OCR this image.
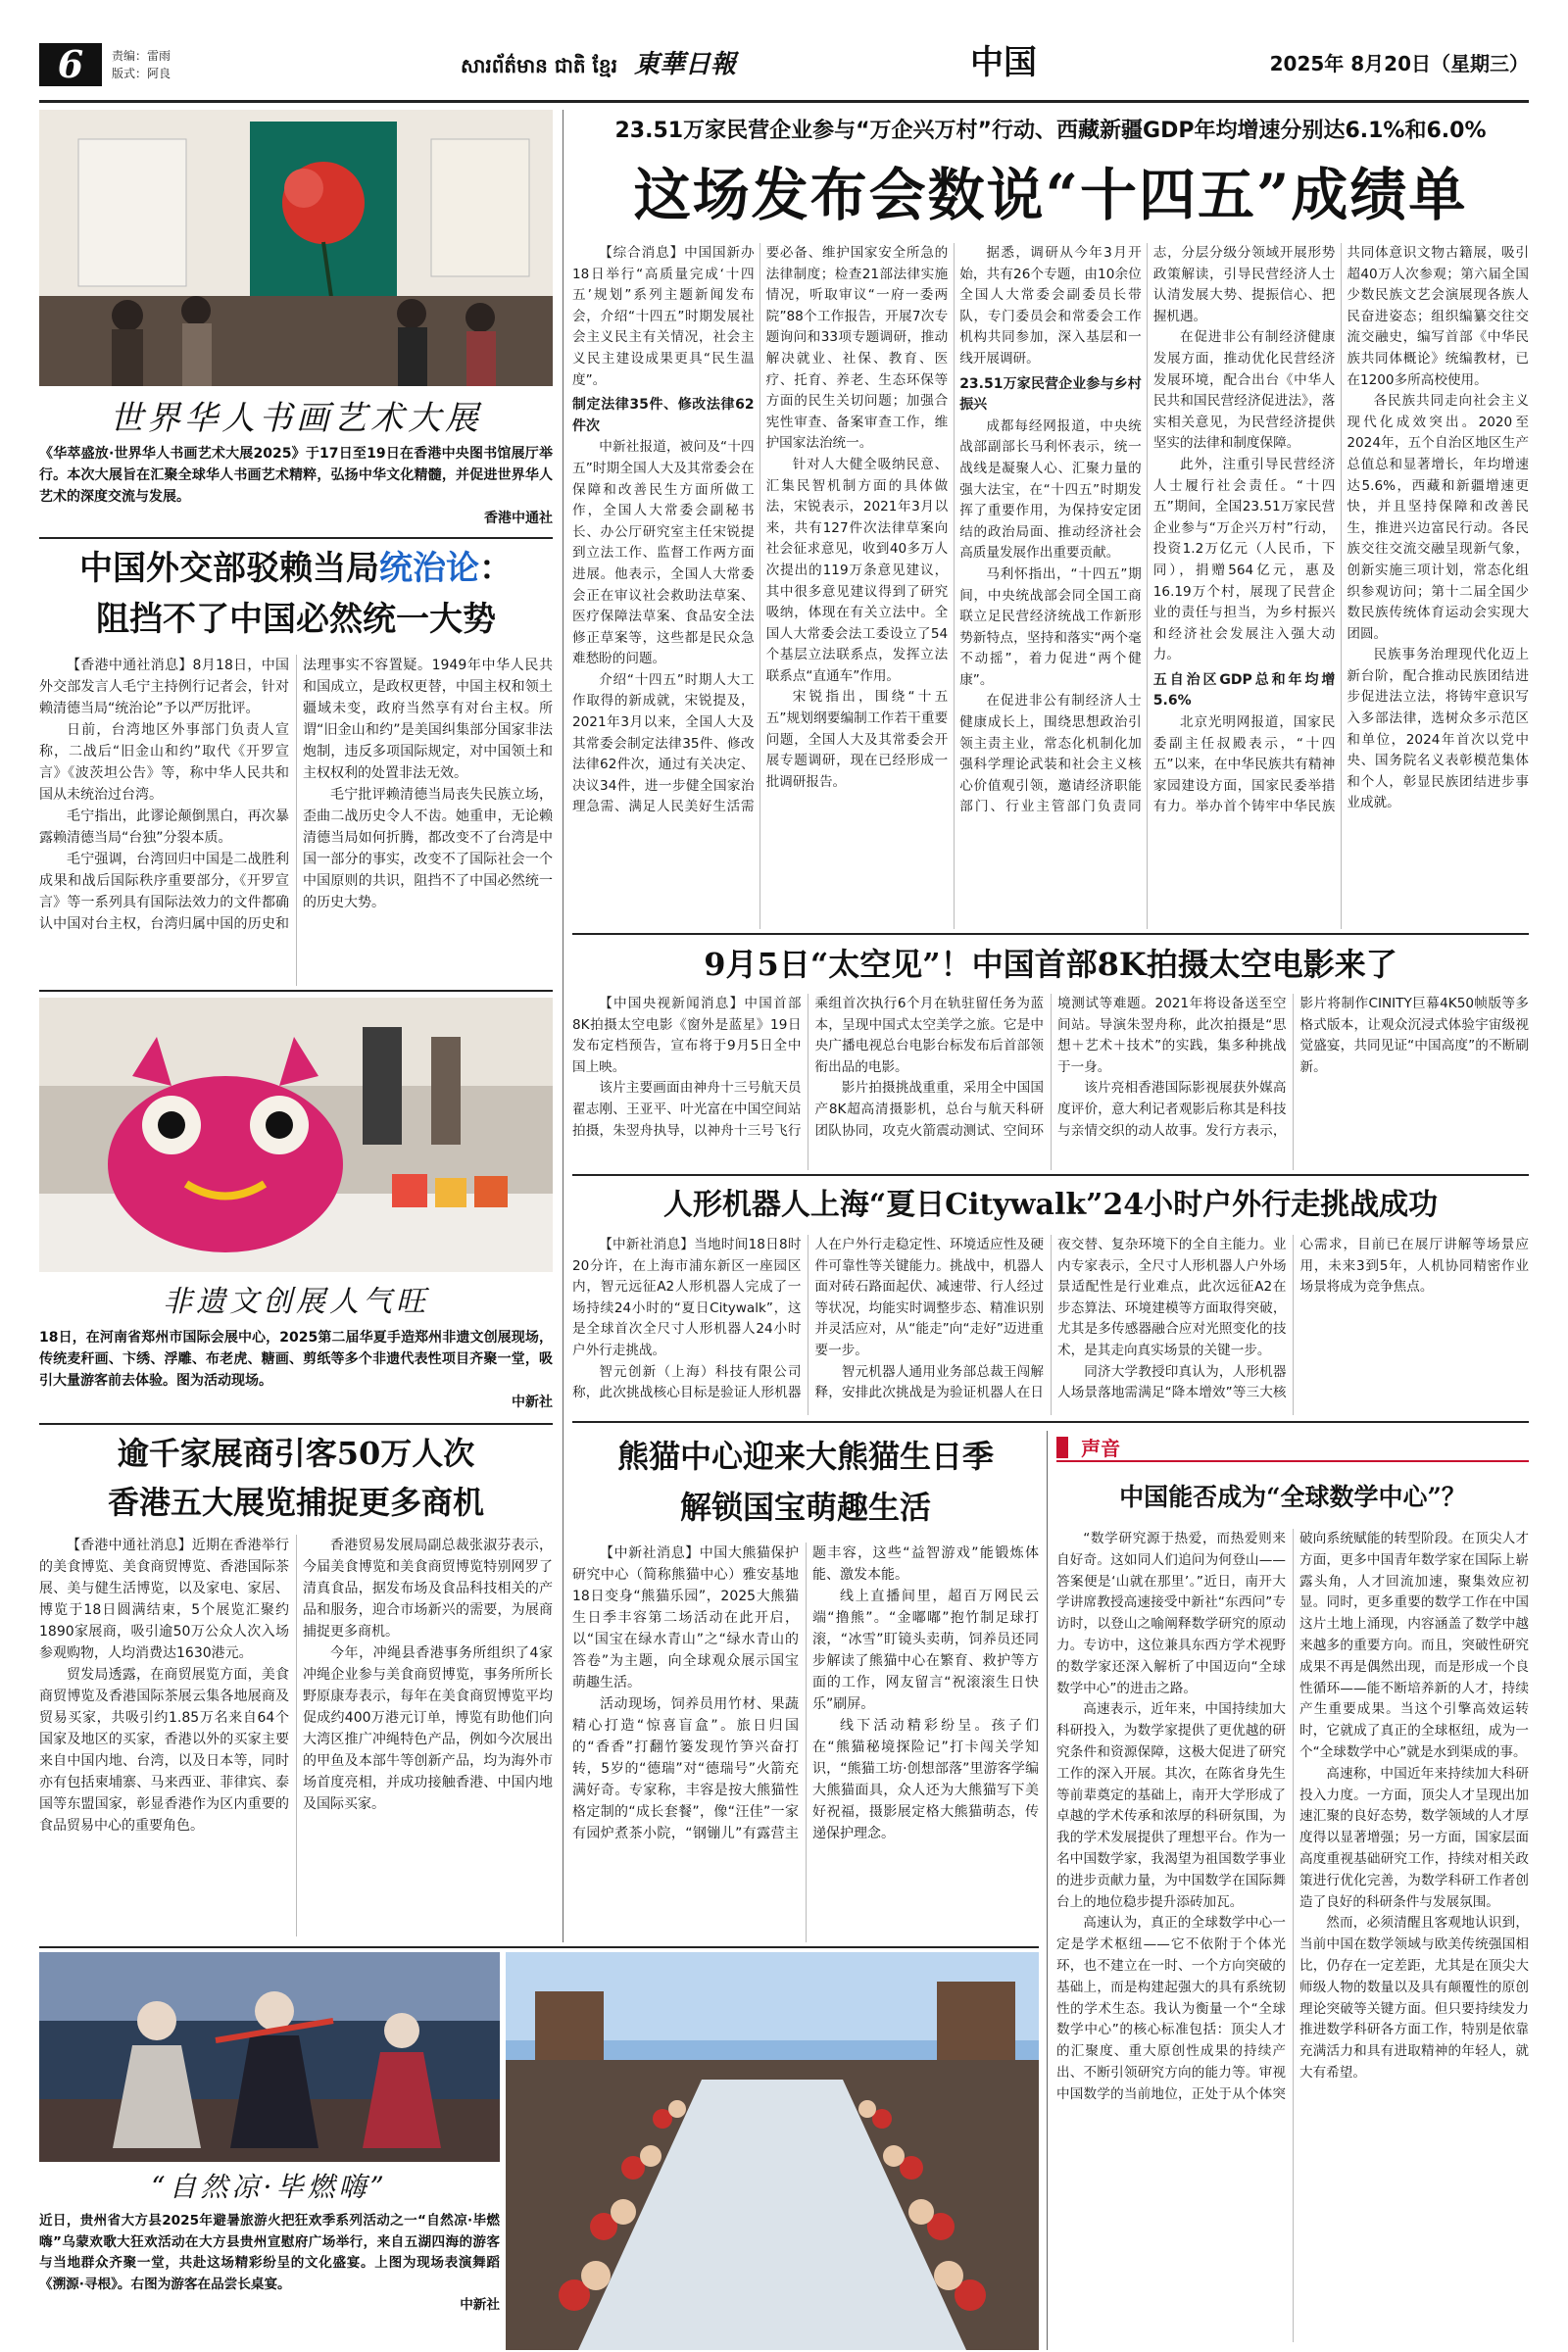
6	责编：雷雨
版式：阿良	សារព័ត៌មាន ជាតិ ខ្មែរ 東華日報	中国	2025年 8月20日（星期三）
世界华人书画艺术大展
《华萃盛放·世界华人书画艺术大展2025》于17日至19日在香港中央图书馆展厅举行。本次大展旨在汇聚全球华人书画艺术精粹，弘扬中华文化精髓，并促进世界华人艺术的深度交流与发展。
香港中通社
中国外交部驳赖当局统治论：
阻挡不了中国必然统一大势

【香港中通社消息】8月18日，中国外交部发言人毛宁主持例行记者会，针对赖清德当局“统治论”予以严厉批评。

日前，台湾地区外事部门负责人宣称，二战后“旧金山和约”取代《开罗宣言》《波茨坦公告》等，称中华人民共和国从未统治过台湾。

毛宁指出，此谬论颠倒黑白，再次暴露赖清德当局“台独”分裂本质。

毛宁强调，台湾回归中国是二战胜利成果和战后国际秩序重要部分，《开罗宣言》等一系列具有国际法效力的文件都确认中国对台主权，台湾归属中国的历史和法理事实不容置疑。1949年中华人民共和国成立，是政权更替，中国主权和领土疆域未变，政府当然享有对台主权。所谓“旧金山和约”是美国纠集部分国家非法炮制，违反多项国际规定，对中国领土和主权权利的处置非法无效。

毛宁批评赖清德当局丧失民族立场，歪曲二战历史令人不齿。她重申，无论赖清德当局如何折腾，都改变不了台湾是中国一部分的事实，改变不了国际社会一个中国原则的共识，阻挡不了中国必然统一的历史大势。

非遗文创展人气旺
18日，在河南省郑州市国际会展中心，2025第二届华夏手造郑州非遗文创展现场，传统麦秆画、卞绣、浮雕、布老虎、糖画、剪纸等多个非遗代表性项目齐聚一堂，吸引大量游客前去体验。图为活动现场。
中新社
逾千家展商引客50万人次
香港五大展览捕捉更多商机

【香港中通社消息】近期在香港举行的美食博览、美食商贸博览、香港国际茶展、美与健生活博览，以及家电、家居、博览于18日圆满结束，5个展览汇聚约1890家展商，吸引逾50万公众人次入场参观购物，人均消费达1630港元。

贸发局透露，在商贸展览方面，美食商贸博览及香港国际茶展云集各地展商及贸易买家，共吸引约1.85万名来自64个国家及地区的买家，香港以外的买家主要来自中国内地、台湾，以及日本等，同时亦有包括柬埔寨、马来西亚、菲律宾、泰国等东盟国家，彰显香港作为区内重要的食品贸易中心的重要角色。

香港贸易发展局副总裁张淑芬表示，今届美食博览和美食商贸博览特别网罗了清真食品，据发布场及食品科技相关的产品和服务，迎合市场新兴的需要，为展商捕捉更多商机。

今年，冲绳县香港事务所组织了4家冲绳企业参与美食商贸博览，事务所所长野原康寿表示，每年在美食商贸博览平均促成约400万港元订单，博览有助他们向大湾区推广冲绳特色产品，例如今次展出的甲鱼及本部牛等创新产品，均为海外市场首度亮相，并成功接触香港、中国内地及国际买家。

23.51万家民营企业参与“万企兴万村”行动、西藏新疆GDP年均增速分别达6.1%和6.0%
这场发布会数说“十四五”成绩单

【综合消息】中国国新办18日举行“高质量完成‘十四五’规划”系列主题新闻发布会，介绍“十四五”时期发展社会主义民主有关情况，社会主义民主建设成果更具“民生温度”。

制定法律35件、修改法律62件次

中新社报道，被问及“十四五”时期全国人大及其常委会在保障和改善民生方面所做工作，全国人大常委会副秘书长、办公厅研究室主任宋锐提到立法工作、监督工作两方面进展。他表示，全国人大常委会正在审议社会救助法草案、医疗保障法草案、食品安全法修正草案等，这些都是民众急难愁盼的问题。

介绍“十四五”时期人大工作取得的新成就，宋锐提及，2021年3月以来，全国人大及其常委会制定法律35件、修改法律62件次，通过有关决定、决议34件，进一步健全国家治理急需、满足人民美好生活需要必备、维护国家安全所急的法律制度；检查21部法律实施情况，听取审议“一府一委两院”88个工作报告，开展7次专题询问和33项专题调研，推动解决就业、社保、教育、医疗、托育、养老、生态环保等方面的民生关切问题；加强合宪性审查、备案审查工作，维护国家法治统一。

针对人大健全吸纳民意、汇集民智机制方面的具体做法，宋锐表示，2021年3月以来，共有127件次法律草案向社会征求意见，收到40多万人次提出的119万条意见建议，其中很多意见建议得到了研究吸纳，体现在有关立法中。全国人大常委会法工委设立了54个基层立法联系点，发挥立法联系点“直通车”作用。

宋锐指出，围绕“十五五”规划纲要编制工作若干重要问题，全国人大及其常委会开展专题调研，现在已经形成一批调研报告。

据悉，调研从今年3月开始，共有26个专题，由10余位全国人大常委会副委员长带队，专门委员会和常委会工作机构共同参加，深入基层和一线开展调研。

23.51万家民营企业参与乡村振兴

成都每经网报道，中央统战部副部长马利怀表示，统一战线是凝聚人心、汇聚力量的强大法宝，在“十四五”时期发挥了重要作用，为保持安定团结的政治局面、推动经济社会高质量发展作出重要贡献。

马利怀指出，“十四五”期间，中央统战部会同全国工商联立足民营经济统战工作新形势新特点，坚持和落实“两个毫不动摇”，着力促进“两个健康”。

在促进非公有制经济人士健康成长上，围绕思想政治引领主责主业，常态化机制化加强科学理论武装和社会主义核心价值观引领，邀请经济职能部门、行业主管部门负责同志，分层分级分领域开展形势政策解读，引导民营经济人士认清发展大势、提振信心、把握机遇。

在促进非公有制经济健康发展方面，推动优化民营经济发展环境，配合出台《中华人民共和国民营经济促进法》，落实相关意见，为民营经济提供坚实的法律和制度保障。

此外，注重引导民营经济人士履行社会责任。“十四五”期间，全国23.51万家民营企业参与“万企兴万村”行动，投资1.2万亿元（人民币，下同），捐赠564亿元，惠及16.19万个村，展现了民营企业的责任与担当，为乡村振兴和经济社会发展注入强大动力。

五自治区GDP总和年均增5.6%

北京光明网报道，国家民委副主任叔殿表示，“十四五”以来，在中华民族共有精神家园建设方面，国家民委举措有力。举办首个铸牢中华民族共同体意识文物古籍展，吸引超40万人次参观；第六届全国少数民族文艺会演展现各族人民奋进姿态；组织编纂交往交流交融史，编写首部《中华民族共同体概论》统编教材，已在1200多所高校使用。

各民族共同走向社会主义现代化成效突出。2020至2024年，五个自治区地区生产总值总和显著增长，年均增速达5.6%，西藏和新疆增速更快，并且坚持保障和改善民生，推进兴边富民行动。各民族交往交流交融呈现新气象，创新实施三项计划，常态化组织参观访问；第十二届全国少数民族传统体育运动会实现大团圆。

民族事务治理现代化迈上新台阶，配合推动民族团结进步促进法立法，将铸牢意识写入多部法律，选树众多示范区和单位，2024年首次以党中央、国务院名义表彰模范集体和个人，彰显民族团结进步事业成就。

9月5日“太空见”！中国首部8K拍摄太空电影来了

【中国央视新闻消息】中国首部8K拍摄太空电影《窗外是蓝星》19日发布定档预告，宣布将于9月5日全中国上映。

该片主要画面由神舟十三号航天员翟志刚、王亚平、叶光富在中国空间站拍摄，朱翌舟执导，以神舟十三号飞行乘组首次执行6个月在轨驻留任务为蓝本，呈现中国式太空美学之旅。它是中央广播电视总台电影台标发布后首部领衔出品的电影。

影片拍摄挑战重重，采用全中国国产8K超高清摄影机，总台与航天科研团队协同，攻克火箭震动测试、空间环境测试等难题。2021年将设备送至空间站。导演朱翌舟称，此次拍摄是“思想＋艺术＋技术”的实践，集多种挑战于一身。

该片亮相香港国际影视展获外媒高度评价，意大利记者观影后称其是科技与亲情交织的动人故事。发行方表示，影片将制作CINITY巨幕4K50帧版等多格式版本，让观众沉浸式体验宇宙级视觉盛宴，共同见证“中国高度”的不断刷新。

人形机器人上海“夏日Citywalk”24小时户外行走挑战成功

【中新社消息】当地时间18日8时20分许，在上海市浦东新区一座园区内，智元远征A2人形机器人完成了一场持续24小时的“夏日Citywalk”，这是全球首次全尺寸人形机器人24小时户外行走挑战。

智元创新（上海）科技有限公司称，此次挑战核心目标是验证人形机器人在户外行走稳定性、环境适应性及硬件可靠性等关键能力。挑战中，机器人面对砖石路面起伏、减速带、行人经过等状况，均能实时调整步态、精准识别并灵活应对，从“能走”向“走好”迈进重要一步。

智元机器人通用业务部总裁王闯解释，安排此次挑战是为验证机器人在日夜交替、复杂环境下的全自主能力。业内专家表示，全尺寸人形机器人户外场景适配性是行业难点，此次远征A2在步态算法、环境建模等方面取得突破，尤其是多传感器融合应对光照变化的技术，是其走向真实场景的关键一步。

同济大学教授印真认为，人形机器人场景落地需满足“降本增效”等三大核心需求，目前已在展厅讲解等场景应用，未来3到5年，人机协同精密作业场景将成为竞争焦点。

熊猫中心迎来大熊猫生日季
解锁国宝萌趣生活

【中新社消息】中国大熊猫保护研究中心（简称熊猫中心）雅安基地18日变身“熊猫乐园”，2025大熊猫生日季丰容第二场活动在此开启，以“国宝在绿水青山”之“绿水青山的答卷”为主题，向全球观众展示国宝萌趣生活。

活动现场，饲养员用竹材、果蔬精心打造“惊喜盲盒”。旅日归国的“香香”打翻竹篓发现竹笋兴奋打转，5岁的“德瑞”对“德瑞号”火箭充满好奇。专家称，丰容是按大熊猫性格定制的“成长套餐”，像“汪佳”一家有园炉煮茶小院，“钢镚儿”有露营主题丰容，这些“益智游戏”能锻炼体能、激发本能。

线上直播间里，超百万网民云端“撸熊”。“金嘟嘟”抱竹制足球打滚，“冰雪”盯镜头卖萌，饲养员还同步解读了熊猫中心在繁育、救护等方面的工作，网友留言“祝滚滚生日快乐”刷屏。

线下活动精彩纷呈。孩子们在“熊猫秘境探险记”打卡闯关学知识，“熊猫工坊·创想部落”里游客学编大熊猫面具，众人还为大熊猫写下美好祝福，摄影展定格大熊猫萌态，传递保护理念。

声音
中国能否成为“全球数学中心”？

“数学研究源于热爱，而热爱则来自好奇。这如同人们追问为何登山——答案便是‘山就在那里’。”近日，南开大学讲席教授高速接受中新社“东西问”专访时，以登山之喻阐释数学研究的原动力。专访中，这位兼具东西方学术视野的数学家还深入解析了中国迈向“全球数学中心”的进击之路。

高速表示，近年来，中国持续加大科研投入，为数学家提供了更优越的研究条件和资源保障，这极大促进了研究工作的深入开展。其次，在陈省身先生等前辈奠定的基础上，南开大学形成了卓越的学术传承和浓厚的科研氛围，为我的学术发展提供了理想平台。作为一名中国数学家，我渴望为祖国数学事业的进步贡献力量，为中国数学在国际舞台上的地位稳步提升添砖加瓦。

高速认为，真正的全球数学中心一定是学术枢纽——它不依附于个体光环，也不建立在一时、一个方向突破的基础上，而是构建起强大的具有系统韧性的学术生态。我认为衡量一个“全球数学中心”的核心标准包括：顶尖人才的汇聚度、重大原创性成果的持续产出、不断引领研究方向的能力等。审视中国数学的当前地位，正处于从个体突破向系统赋能的转型阶段。在顶尖人才方面，更多中国青年数学家在国际上崭露头角，人才回流加速，聚集效应初显。同时，更多重要的数学工作在中国这片土地上涌现，内容涵盖了数学中越来越多的重要方向。而且，突破性研究成果不再是偶然出现，而是形成一个良性循环——能不断培养新的人才，持续产生重要成果。当这个引擎高效运转时，它就成了真正的全球枢纽，成为一个“全球数学中心”就是水到渠成的事。

高速称，中国近年来持续加大科研投入力度。一方面，顶尖人才呈现出加速汇聚的良好态势，数学领域的人才厚度得以显著增强；另一方面，国家层面高度重视基础研究工作，持续对相关政策进行优化完善，为数学科研工作者创造了良好的科研条件与发展氛围。

然而，必须清醒且客观地认识到，当前中国在数学领域与欧美传统强国相比，仍存在一定差距，尤其是在顶尖大师级人物的数量以及具有颠覆性的原创理论突破等关键方面。但只要持续发力推进数学科研各方面工作，特别是依靠充满活力和具有进取精神的年轻人，就大有希望。

“自然凉·毕燃嗨”
近日，贵州省大方县2025年避暑旅游火把狂欢季系列活动之一“自然凉·毕燃嗨”乌蒙欢歌大狂欢活动在大方县贵州宣慰府广场举行，来自五湖四海的游客与当地群众齐聚一堂，共赴这场精彩纷呈的文化盛宴。上图为现场表演舞蹈《溯源·寻根》。右图为游客在品尝长桌宴。
中新社
